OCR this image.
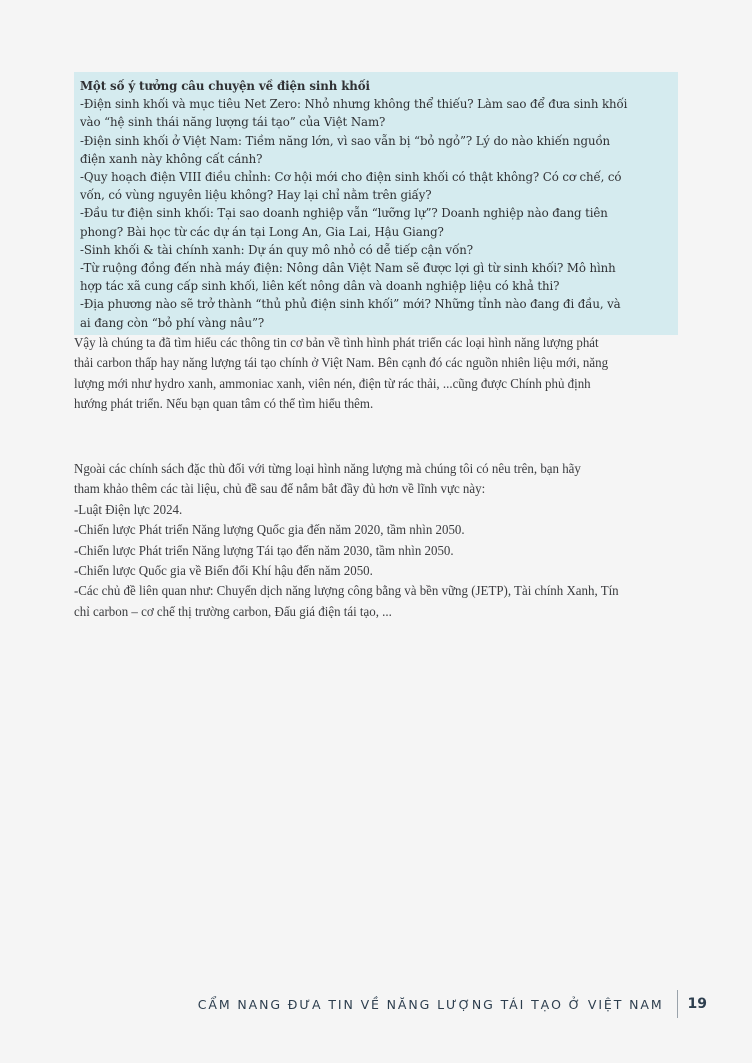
Một số ý tưởng câu chuyện về điện sinh khối
-Điện sinh khối và mục tiêu Net Zero: Nhỏ nhưng không thể thiếu? Làm sao để đưa sinh khối
vào “hệ sinh thái năng lượng tái tạo” của Việt Nam?
-Điện sinh khối ở Việt Nam: Tiềm năng lớn, vì sao vẫn bị “bỏ ngỏ”? Lý do nào khiến nguồn
điện xanh này không cất cánh?
-Quy hoạch điện VIII điều chỉnh: Cơ hội mới cho điện sinh khối có thật không? Có cơ chế, có
vốn, có vùng nguyên liệu không? Hay lại chỉ nằm trên giấy?
-Đầu tư điện sinh khối: Tại sao doanh nghiệp vẫn “lưỡng lự”? Doanh nghiệp nào đang tiên
phong? Bài học từ các dự án tại Long An, Gia Lai, Hậu Giang?
-Sinh khối & tài chính xanh: Dự án quy mô nhỏ có dễ tiếp cận vốn?
-Từ ruộng đồng đến nhà máy điện: Nông dân Việt Nam sẽ được lợi gì từ sinh khối? Mô hình
hợp tác xã cung cấp sinh khối, liên kết nông dân và doanh nghiệp liệu có khả thi?
-Địa phương nào sẽ trở thành “thủ phủ điện sinh khối” mới? Những tỉnh nào đang đi đầu, và
ai đang còn “bỏ phí vàng nâu”?
Vậy là chúng ta đã tìm hiểu các thông tin cơ bản về tình hình phát triển các loại hình năng lượng phát
thải carbon thấp hay năng lượng tái tạo chính ở Việt Nam. Bên cạnh đó các nguồn nhiên liệu mới, năng
lượng mới như hydro xanh, ammoniac xanh, viên nén, điện từ rác thải, ...cũng được Chính phủ định
hướng phát triển. Nếu bạn quan tâm có thể tìm hiểu thêm.
Ngoài các chính sách đặc thù đối với từng loại hình năng lượng mà chúng tôi có nêu trên, bạn hãy
tham khảo thêm các tài liệu, chủ đề sau để nắm bắt đầy đủ hơn về lĩnh vực này:
-Luật Điện lực 2024.
-Chiến lược Phát triển Năng lượng Quốc gia đến năm 2020, tầm nhìn 2050.
-Chiến lược Phát triển Năng lượng Tái tạo đến năm 2030, tầm nhìn 2050.
-Chiến lược Quốc gia về Biến đổi Khí hậu đến năm 2050.
-Các chủ đề liên quan như: Chuyển dịch năng lượng công bằng và bền vững (JETP), Tài chính Xanh, Tín
chỉ carbon – cơ chế thị trường carbon, Đấu giá điện tái tạo, ...
CẨM NANG ĐƯA TIN VỀ NĂNG LƯỢNG TÁI TẠO Ở VIỆT NAM 19
